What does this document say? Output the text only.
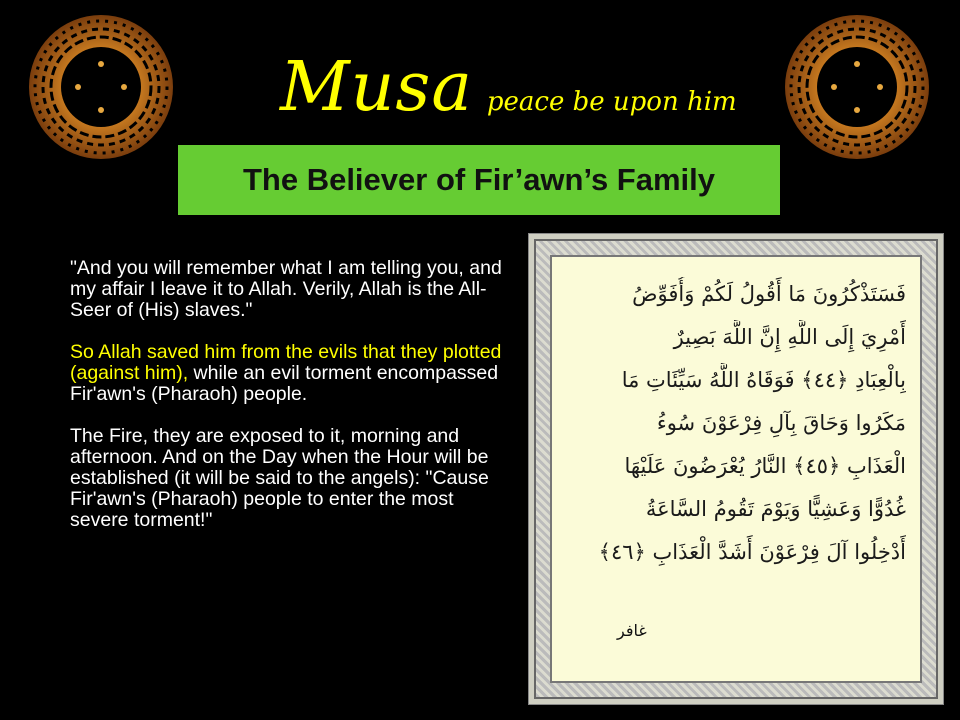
Musa peace be upon him
The Believer of Fir’awn’s Family

"And you will remember what I am telling you, and my affair I leave it to Allah. Verily, Allah is the All-Seer of (His) slaves."

So Allah saved him from the evils that they plotted (against him), while an evil torment encompassed Fir'awn's (Pharaoh) people.

The Fire, they are exposed to it, morning and afternoon. And on the Day when the Hour will be established (it will be said to the angels): "Cause Fir'awn's (Pharaoh) people to enter the most severe torment!"

فَسَتَذْكُرُونَ مَا أَقُولُ لَكُمْ وَأُفَوِّضُ
أَمْرِيَ إِلَى اللَّهِ إِنَّ اللَّهَ بَصِيرٌ
بِالْعِبَادِ ﴿٤٤﴾ فَوَقَاهُ اللَّهُ سَيِّئَاتِ مَا
مَكَرُوا وَحَاقَ بِآلِ فِرْعَوْنَ سُوءُ
الْعَذَابِ ﴿٤٥﴾ النَّارُ يُعْرَضُونَ عَلَيْهَا
غُدُوًّا وَعَشِيًّا وَيَوْمَ تَقُومُ السَّاعَةُ
أَدْخِلُوا آلَ فِرْعَوْنَ أَشَدَّ الْعَذَابِ ﴿٤٦﴾
غافر
